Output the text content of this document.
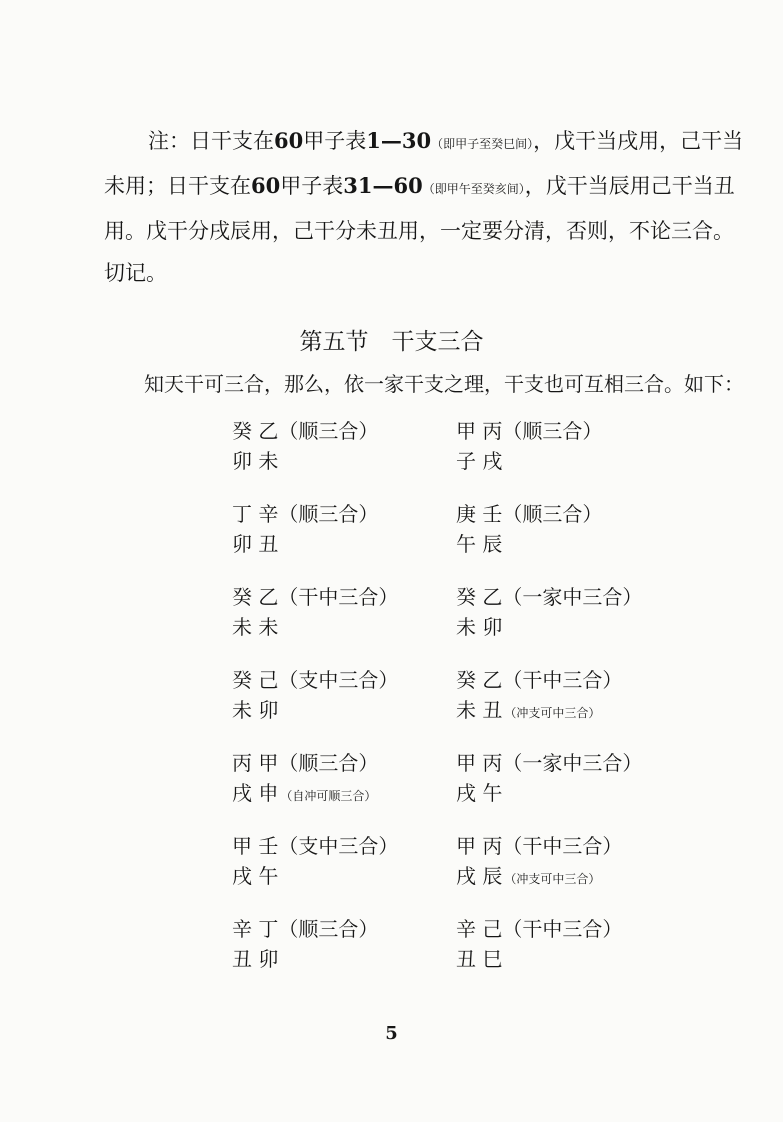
注：日干支在60甲子表1—30（即甲子至癸巳间），戊干当戌用，己干当未用；日干支在60甲子表31—60（即甲午至癸亥间），戊干当辰用己干当丑用。戊干分戌辰用，己干分未丑用，一定要分清，否则，不论三合。切记。

第五节　干支三合

知天干可三合，那么，依一家干支之理，干支也可互相三合。如下：

癸 乙（顺三合）

卯 未

甲 丙（顺三合）

子 戌

丁 辛（顺三合）

卯 丑

庚 壬（顺三合）

午 辰

癸 乙（干中三合）

未 未

癸 乙（一家中三合）

未 卯

癸 己（支中三合）

未 卯

癸 乙（干中三合）

未 丑 （冲支可中三合）

丙 甲（顺三合）

戌 申 （自冲可顺三合）

甲 丙（一家中三合）

戌 午

甲 壬（支中三合）

戌 午

甲 丙（干中三合）

戌 辰 （冲支可中三合）

辛 丁（顺三合）

丑 卯

辛 己（干中三合）

丑 巳

5
